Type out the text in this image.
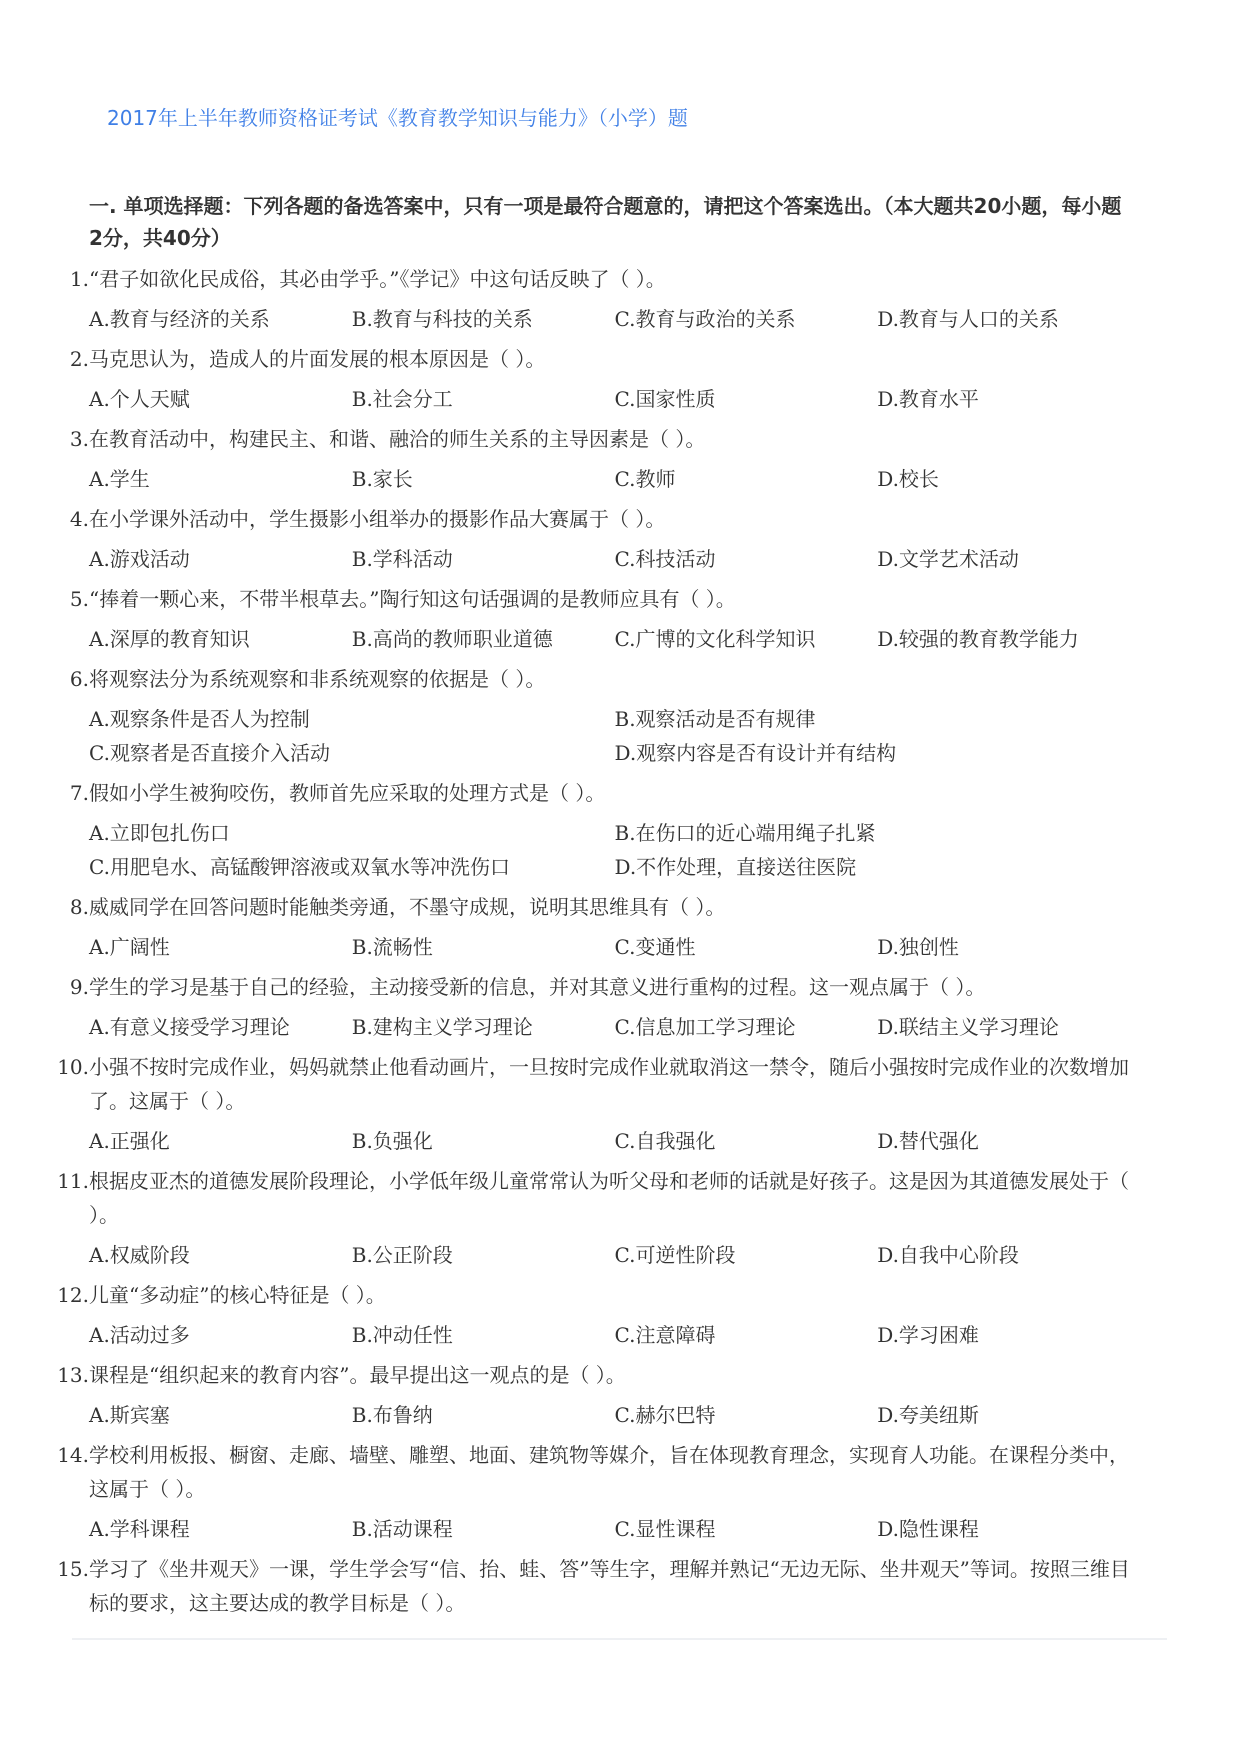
2017年上半年教师资格证考试《教育教学知识与能力》（小学）题
一. 单项选择题：下列各题的备选答案中，只有一项是最符合题意的，请把这个答案选出。（本大题共20小题，每小题2分，共40分）
1. “君子如欲化民成俗，其必由学乎。”《学记》中这句话反映了（ ）。
A.教育与经济的关系	B.教育与科技的关系	C.教育与政治的关系	D.教育与人口的关系
2. 马克思认为，造成人的片面发展的根本原因是（ ）。
A.个人天赋	B.社会分工	C.国家性质	D.教育水平
3. 在教育活动中，构建民主、和谐、融洽的师生关系的主导因素是（ ）。
A.学生	B.家长	C.教师	D.校长
4. 在小学课外活动中，学生摄影小组举办的摄影作品大赛属于（ ）。
A.游戏活动	B.学科活动	C.科技活动	D.文学艺术活动
5. “捧着一颗心来，不带半根草去。”陶行知这句话强调的是教师应具有（ ）。
A.深厚的教育知识	B.高尚的教师职业道德	C.广博的文化科学知识	D.较强的教育教学能力
6. 将观察法分为系统观察和非系统观察的依据是（ ）。
A.观察条件是否人为控制	B.观察活动是否有规律
C.观察者是否直接介入活动	D.观察内容是否有设计并有结构
7. 假如小学生被狗咬伤，教师首先应采取的处理方式是（ ）。
A.立即包扎伤口	B.在伤口的近心端用绳子扎紧
C.用肥皂水、高锰酸钾溶液或双氧水等冲洗伤口	D.不作处理，直接送往医院
8. 威威同学在回答问题时能触类旁通，不墨守成规，说明其思维具有（ ）。
A.广阔性	B.流畅性	C.变通性	D.独创性
9. 学生的学习是基于自己的经验，主动接受新的信息，并对其意义进行重构的过程。这一观点属于（ ）。
A.有意义接受学习理论	B.建构主义学习理论	C.信息加工学习理论	D.联结主义学习理论
10. 小强不按时完成作业，妈妈就禁止他看动画片，一旦按时完成作业就取消这一禁令，随后小强按时完成作业的次数增加了。这属于（ ）。
A.正强化	B.负强化	C.自我强化	D.替代强化
11. 根据皮亚杰的道德发展阶段理论，小学低年级儿童常常认为听父母和老师的话就是好孩子。这是因为其道德发展处于（ ）。
A.权威阶段	B.公正阶段	C.可逆性阶段	D.自我中心阶段
12. 儿童“多动症”的核心特征是（ ）。
A.活动过多	B.冲动任性	C.注意障碍	D.学习困难
13. 课程是“组织起来的教育内容”。最早提出这一观点的是（ ）。
A.斯宾塞	B.布鲁纳	C.赫尔巴特	D.夸美纽斯
14. 学校利用板报、橱窗、走廊、墙壁、雕塑、地面、建筑物等媒介，旨在体现教育理念，实现育人功能。在课程分类中，这属于（ ）。
A.学科课程	B.活动课程	C.显性课程	D.隐性课程
15. 学习了《坐井观天》一课，学生学会写“信、抬、蛙、答”等生字，理解并熟记“无边无际、坐井观天”等词。按照三维目标的要求，这主要达成的教学目标是（ ）。
